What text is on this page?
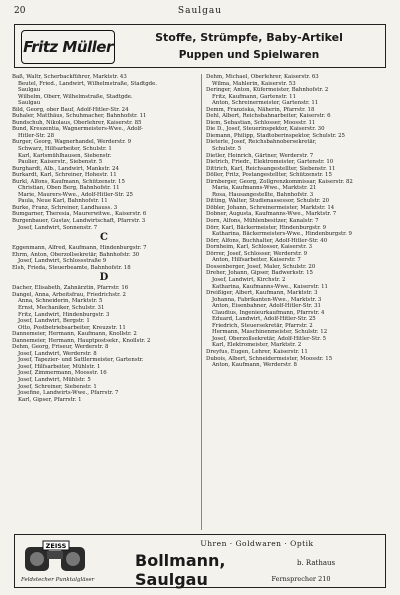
20	Saulgau
Fritz Müller
Stoffe, Strümpfe, Baby-Artikel
Puppen und Spielwaren
Baß, Waltr, Scherbackführer, Marktstr. 43
Beutel, Fried., Landwirt, Wilhelmstraße, Stadtgde.
Saulgau
Wilhelm, Oberr, Wilhelmstraße, Stadtgde.
Saulgau
Bild, Georg, ober Bauf, Adolf-Hitler-Str. 24
Buhaler, Matthäus, Schuhmacher, Bahnhofstr. 11
Bundschuh, Nikolaus, Oberlehrer, Kaiserstr. 85
Bund, Kreszentia, Wagnermeisters-Wwe., Adolf-
Hitler-Str. 28
Burger, Georg, Wagnerhandel, Werderstr. 9
Schwarz, Hilfsarbeiter, Schulstr. 1
Karl, Karlsmühlhausen, Siebenstr.
Paulier, Kaiserstr., Siebenstr. 5
Burghardt, Alb., Landwirt, Mankstr. 24
Burkardt, Karl, Schreiner, Hohestr. 11
Burkl, Alfons, Kaufmann, Schützenstr. 15
Christian, Oben Berg, Bahnhofstr. 11
Marie, Maurers-Wwe., Adolf-Hitler-Str. 25
Paula, Neue Karl, Bahnhofstr. 11
Burke, Franz, Schreiner, Landhauss. 3
Bumgarner, Theresia, Maurerwitwe., Kaiserstr. 6
Burgenbauer, Gustav, Landwirtschaft, Pfarrstr. 3
Josef, Landwirt, Sonnenstr. 7
C
Eggenmann, Alfred, Kaufmann, Hindenburgstr. 7
Ehrm, Anton, Oberzollsekretär, Bahnhofstr. 30
Josef, Landwirt, Schlossstraße 9
Elsh, Frieda, Steuerbeamte, Bahnhofstr. 18
D
Dacher, Elisabeth, Zahnärztin, Pfarrstr. 16
Dangel, Anna, Arbeitsfrau, Friedrichstr. 2
Anna, Schneiderin, Marktstr. 5
Ernst, Mechaniker, Schulstr. 31
Fritz, Landwirt, Hindenburgstr. 3
Josef, Landwirt, Bergstr. 1
Otto, Postbetriebsarbeiter, Kreuzstr. 11
Dannemeier, Hermann, Kaufmann, Knollstr. 2
Dannemeier, Hermann, Hauptpostsekr., Knollstr. 2
Dehm, Georg, Friseur, Werderstr. 8
Josef, Landwirt, Werderstr. 8
Josef, Tapezier- und Sattlermeister, Gartenstr.
Josef, Hilfsarbeiter, Mühlstr. 1
Josef, Zimmermann, Moosstr. 16
Josef, Landwirt, Mühlstr. 5
Josef, Schreiner, Siebenstr. 1
Josefine, Landwirts-Wwe., Pfarrstr. 7
Karl, Gipser, Pfarrstr. 1
Dehm, Michael, Oberlehrer, Kaiserstr. 63
Wilma, Mahlerin, Kaiserstr. 53
Deringer, Anton, Küfermeister, Bahnhofstr. 2
Fritz, Kaufmann, Gartenstr. 11
Anton, Schreinermeister, Gartenstr. 11
Demm, Franziska, Näherin, Pfarrstr. 18
Dehl, Albert, Reichsbahnarbeiter, Kaiserstr. 6
Diem, Sebastian, Schlosser, Moosstr. 11
Die D., Josef, Steuerinspektor, Kaiserstr. 30
Diemann, Philipp, Stadtoberinspektor, Schulstr. 25
Dieterle, Josef, Reichsbahnobersekretär,
Schulstr. 5
Dietler, Heinrich, Gärtner, Werderstr. 7
Dietrich, Friedr., Elektromeister, Gartenstr. 10
Dittrich, Karl, Reichsangestellter, Siebenstr. 11
Döller, Fritz, Postangestellter, Schützenstr. 15
Dirnberger, Georg, Zollgrenzkommissar, Kaiserstr. 82
Maria, Kaufmanns-Wwe., Marktstr. 21
Rosa, Hausangestellte, Bahnhofstr. 3
Ditting, Walter, Studienassessor, Schulstr. 20
Döbler, Johann, Schreinermeister, Marktstr. 14
Dobner, Augusta, Kaufmanns-Wwe., Marktstr. 7
Dorn, Alfons, Mühlenbesitzer, Kanalstr. 7
Dörr, Karl, Bäckermeister, Hindenburgstr. 9
Katharina, Bäckermeisters-Wwe., Hindenburgstr. 9
Dörr, Alfons, Buchhalter, Adolf-Hitler-Str. 40
Dornheim, Karl, Schlosser, Kaiserstr. 3
Dörrer, Josef, Schlosser, Werderstr. 9
Anton, Hilfsarbeiter, Kaiserstr. 7
Dossenberger, Josef, Maler, Schulstr. 20
Dreher, Johann, Gipser, Badwerkstr. 15
Josef, Landwirt, Kirchstr. 2
Katharina, Kaufmanns-Wwe., Kaiserstr. 11
Dreißiger, Albert, Kaufmann, Marktstr. 3
Johanna, Fabrikanten-Wwe., Marktstr. 3
Anton, Eisenbahner, Adolf-Hitler-Str. 31
Claudius, Ingenieurkaufmann, Pfarrstr. 4
Eduard, Landwirt, Adolf-Hitler-Str. 25
Friedrich, Steuersekretär, Pfarrstr. 2
Hermann, Maschinenmeister, Schulstr. 12
Josef, Oberzollsekretär, Adolf-Hitler-Str. 5
Karl, Elektromeister, Marktstr. 2
Dreyfus, Eugen, Lehrer, Kaiserstr. 11
Dubois, Albert, Schneidermeister, Moosstr. 15
Anton, Kaufmann, Werderstr. 8
ZEISS
Feldstecher Punktalgläser
Uhren · Goldwaren · Optik
Bollmann, Saulgau
b. Rathaus
Fernsprecher 210
